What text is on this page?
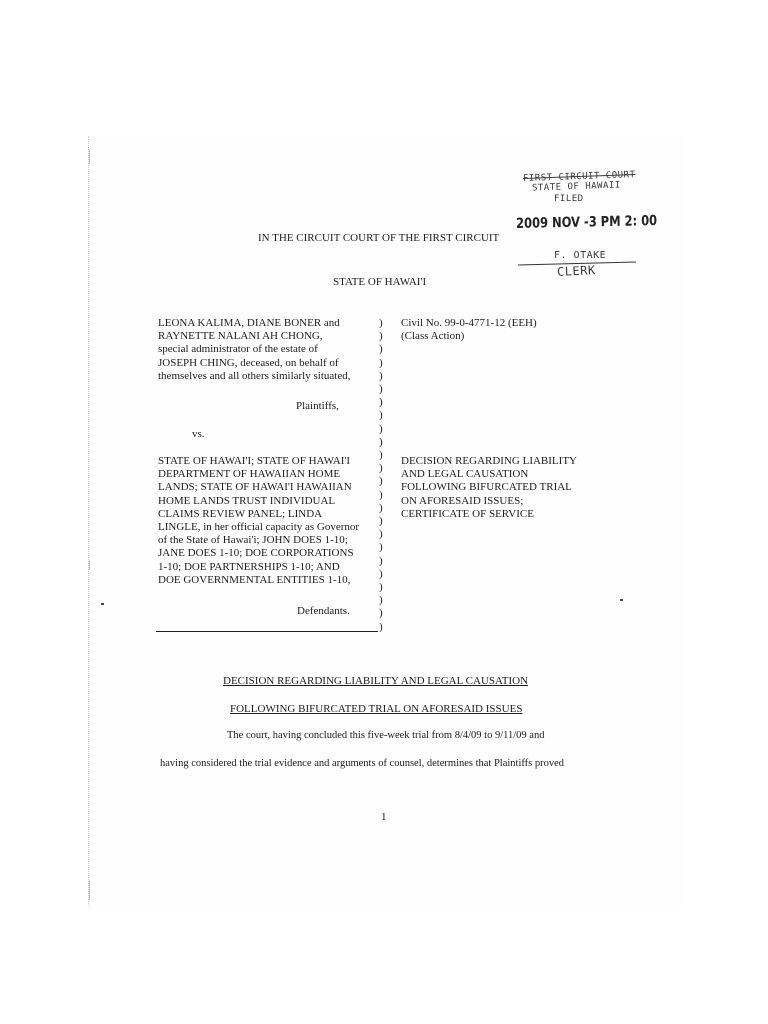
FIRST CIRCUIT COURT
STATE OF HAWAII
FILED
2009 NOV -3 PM 2: 00
F. OTAKE
CLERK
IN THE CIRCUIT COURT OF THE FIRST CIRCUIT
STATE OF HAWAI'I
LEONA KALIMA, DIANE BONER and
RAYNETTE NALANI AH CHONG,
special administrator of the estate of
JOSEPH CHING, deceased, on behalf of
themselves and all others similarly situated,
Plaintiffs,
vs.
STATE OF HAWAI'I; STATE OF HAWAI'I
DEPARTMENT OF HAWAIIAN HOME
LANDS; STATE OF HAWAI'I HAWAIIAN
HOME LANDS TRUST INDIVIDUAL
CLAIMS REVIEW PANEL; LINDA
LINGLE, in her official capacity as Governor
of the State of Hawai'i; JOHN DOES 1-10;
JANE DOES 1-10; DOE CORPORATIONS
1-10; DOE PARTNERSHIPS 1-10; AND
DOE GOVERNMENTAL ENTITIES 1-10,
Defendants.
)
)
)
)
)
)
)
)
)
)
)
)
)
)
)
)
)
)
)
)
)
)
)
)
Civil No. 99-0-4771-12 (EEH)
(Class Action)
DECISION REGARDING LIABILITY
AND LEGAL CAUSATION
FOLLOWING BIFURCATED TRIAL
ON AFORESAID ISSUES;
CERTIFICATE OF SERVICE
DECISION REGARDING LIABILITY AND LEGAL CAUSATION
FOLLOWING BIFURCATED TRIAL ON AFORESAID ISSUES
The court, having concluded this five-week trial from 8/4/09 to 9/11/09 and
having considered the trial evidence and arguments of counsel, determines that Plaintiffs proved
1
